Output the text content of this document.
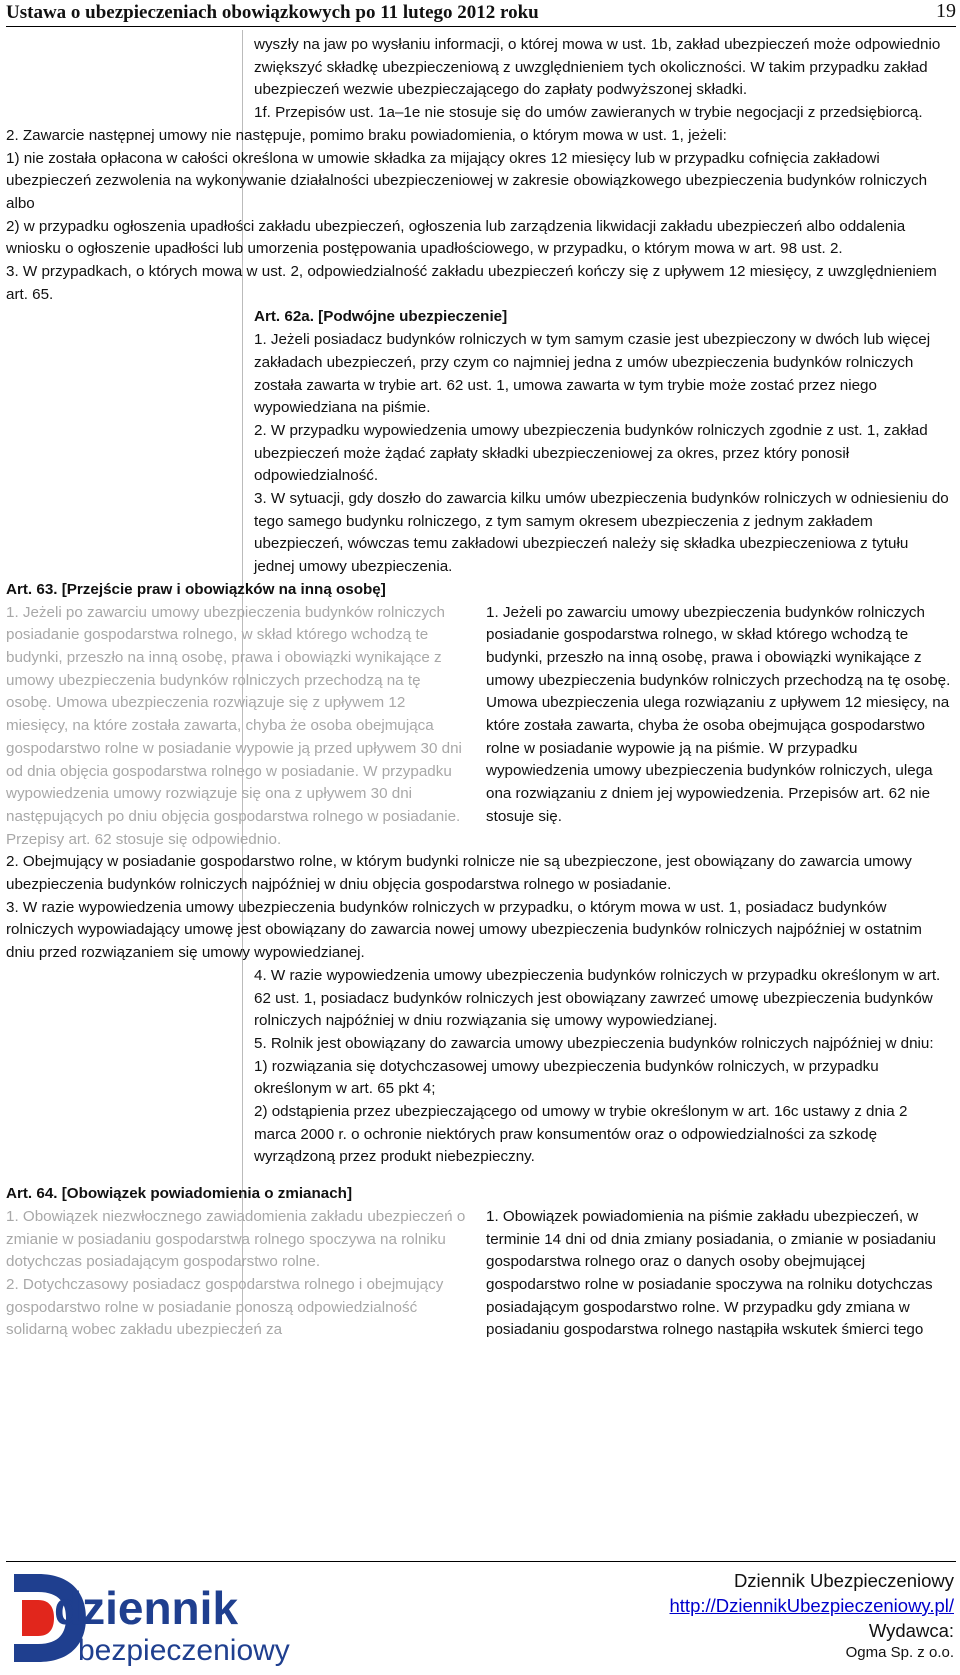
Ustawa o ubezpieczeniach obowiązkowych po 11 lutego 2012 roku	19

wyszły na jaw po wysłaniu informacji, o której mowa w ust. 1b, zakład ubezpieczeń może odpowiednio zwiększyć składkę ubezpieczeniową z uwzględnieniem tych okoliczności. W takim przypadku zakład ubezpieczeń wezwie ubezpieczającego do zapłaty podwyższonej składki.

1f. Przepisów ust. 1a–1e nie stosuje się do umów zawieranych w trybie negocjacji z przedsiębiorcą.

2. Zawarcie następnej umowy nie następuje, pomimo braku powiadomienia, o którym mowa w ust. 1, jeżeli:

1) nie została opłacona w całości określona w umowie składka za mijający okres 12 miesięcy lub w przypadku cofnięcia zakładowi ubezpieczeń zezwolenia na wykonywanie działalności ubezpieczeniowej w zakresie obowiązkowego ubezpieczenia budynków rolniczych albo

2) w przypadku ogłoszenia upadłości zakładu ubezpieczeń, ogłoszenia lub zarządzenia likwidacji zakładu ubezpieczeń albo oddalenia wniosku o ogłoszenie upadłości lub umorzenia postępowania upadłościowego, w przypadku, o którym mowa w art. 98 ust. 2.

3. W przypadkach, o których mowa w ust. 2, odpowiedzialność zakładu ubezpieczeń kończy się z upływem 12 miesięcy, z uwzględnieniem art. 65.

Art. 62a. [Podwójne ubezpieczenie]

1. Jeżeli posiadacz budynków rolniczych w tym samym czasie jest ubezpieczony w dwóch lub więcej zakładach ubezpieczeń, przy czym co najmniej jedna z umów ubezpieczenia budynków rolniczych została zawarta w trybie art. 62 ust. 1, umowa zawarta w tym trybie może zostać przez niego wypowiedziana na piśmie.

2. W przypadku wypowiedzenia umowy ubezpieczenia budynków rolniczych zgodnie z ust. 1, zakład ubezpieczeń może żądać zapłaty składki ubezpieczeniowej za okres, przez który ponosił odpowiedzialność.

3. W sytuacji, gdy doszło do zawarcia kilku umów ubezpieczenia budynków rolniczych w odniesieniu do tego samego budynku rolniczego, z tym samym okresem ubezpieczenia z jednym zakładem ubezpieczeń, wówczas temu zakładowi ubezpieczeń należy się składka ubezpieczeniowa z tytułu jednej umowy ubezpieczenia.

Art. 63. [Przejście praw i obowiązków na inną osobę]

1. Jeżeli po zawarciu umowy ubezpieczenia budynków rolniczych posiadanie gospodarstwa rolnego, w skład którego wchodzą te budynki, przeszło na inną osobę, prawa i obowiązki wynikające z umowy ubezpieczenia budynków rolniczych przechodzą na tę osobę. Umowa ubezpieczenia rozwiązuje się z upływem 12 miesięcy, na które została zawarta, chyba że osoba obejmująca gospodarstwo rolne w posiadanie wypowie ją przed upływem 30 dni od dnia objęcia gospodarstwa rolnego w posiadanie. W przypadku wypowiedzenia umowy rozwiązuje się ona z upływem 30 dni następujących po dniu objęcia gospodarstwa rolnego w posiadanie. Przepisy art. 62 stosuje się odpowiednio.

1. Jeżeli po zawarciu umowy ubezpieczenia budynków rolniczych posiadanie gospodarstwa rolnego, w skład którego wchodzą te budynki, przeszło na inną osobę, prawa i obowiązki wynikające z umowy ubezpieczenia budynków rolniczych przechodzą na tę osobę. Umowa ubezpieczenia ulega rozwiązaniu z upływem 12 miesięcy, na które została zawarta, chyba że osoba obejmująca gospodarstwo rolne w posiadanie wypowie ją na piśmie. W przypadku wypowiedzenia umowy ubezpieczenia budynków rolniczych, ulega ona rozwiązaniu z dniem jej wypowiedzenia. Przepisów art. 62 nie stosuje się.

2. Obejmujący w posiadanie gospodarstwo rolne, w którym budynki rolnicze nie są ubezpieczone, jest obowiązany do zawarcia umowy ubezpieczenia budynków rolniczych najpóźniej w dniu objęcia gospodarstwa rolnego w posiadanie.

3. W razie wypowiedzenia umowy ubezpieczenia budynków rolniczych w przypadku, o którym mowa w ust. 1, posiadacz budynków rolniczych wypowiadający umowę jest obowiązany do zawarcia nowej umowy ubezpieczenia budynków rolniczych najpóźniej w ostatnim dniu przed rozwiązaniem się umowy wypowiedzianej.

4. W razie wypowiedzenia umowy ubezpieczenia budynków rolniczych w przypadku określonym w art. 62 ust. 1, posiadacz budynków rolniczych jest obowiązany zawrzeć umowę ubezpieczenia budynków rolniczych najpóźniej w dniu rozwiązania się umowy wypowiedzianej.

5. Rolnik jest obowiązany do zawarcia umowy ubezpieczenia budynków rolniczych najpóźniej w dniu:

1) rozwiązania się dotychczasowej umowy ubezpieczenia budynków rolniczych, w przypadku określonym w art. 65 pkt 4;

2) odstąpienia przez ubezpieczającego od umowy w trybie określonym w art. 16c ustawy z dnia 2 marca 2000 r. o ochronie niektórych praw konsumentów oraz o odpowiedzialności za szkodę wyrządzoną przez produkt niebezpieczny.

Art. 64. [Obowiązek powiadomienia o zmianach]

1. Obowiązek niezwłocznego zawiadomienia zakładu ubezpieczeń o zmianie w posiadaniu gospodarstwa rolnego spoczywa na rolniku dotychczas posiadającym gospodarstwo rolne.

2. Dotychczasowy posiadacz gospodarstwa rolnego i obejmujący gospodarstwo rolne w posiadanie ponoszą odpowiedzialność solidarną wobec zakładu ubezpieczeń za

1. Obowiązek powiadomienia na piśmie zakładu ubezpieczeń, w terminie 14 dni od dnia zmiany posiadania, o zmianie w posiadaniu gospodarstwa rolnego oraz o danych osoby obejmującej gospodarstwo rolne w posiadanie spoczywa na rolniku dotychczas posiadającym gospodarstwo rolne. W przypadku gdy zmiana w posiadaniu gospodarstwa rolnego nastąpiła wskutek śmierci tego

dziennik
bezpieczeniowy
Dziennik Ubezpieczeniowy
http://DziennikUbezpieczeniowy.pl/
Wydawca:
Ogma Sp. z o.o.
